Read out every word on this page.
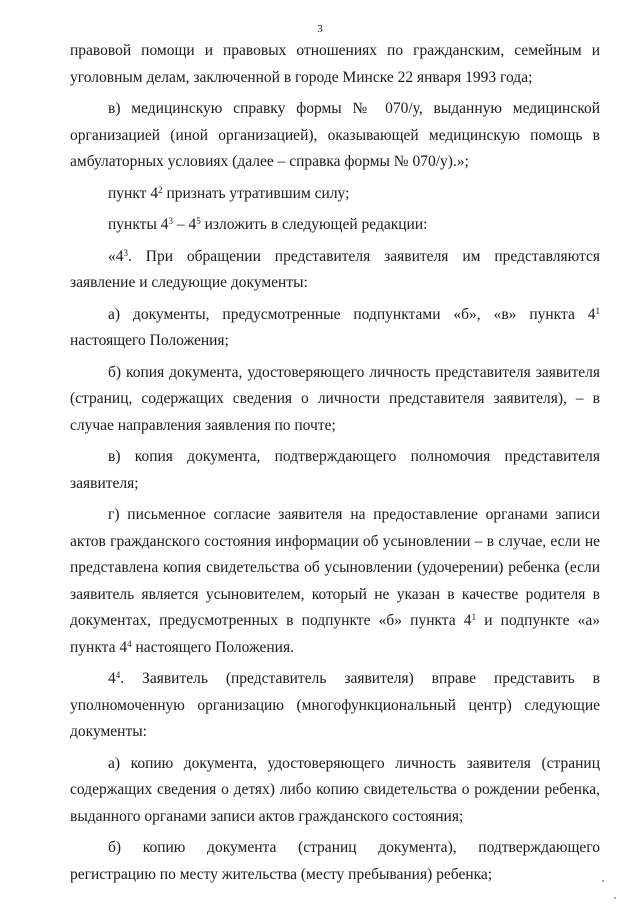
3

правовой помощи и правовых отношениях по гражданским, семейным и уголовным делам, заключенной в городе Минске 22 января 1993 года;

в) медицинскую справку формы № 070/у, выданную медицинской организацией (иной организацией), оказывающей медицинскую помощь в амбулаторных условиях (далее – справка формы № 070/у).»;

пункт $4^2$ признать утратившим силу;

пункты $4^3 - 4^5$ изложить в следующей редакции:

«$4^3$. При обращении представителя заявителя им представляются заявление и следующие документы:

а) документы, предусмотренные подпунктами «б», «в» пункта $4^1$ настоящего Положения;

б) копия документа, удостоверяющего личность представителя заявителя (страниц, содержащих сведения о личности представителя заявителя), – в случае направления заявления по почте;

в) копия документа, подтверждающего полномочия представителя заявителя;

г) письменное согласие заявителя на предоставление органами записи актов гражданского состояния информации об усыновлении – в случае, если не представлена копия свидетельства об усыновлении (удочерении) ребенка (если заявитель является усыновителем, который не указан в качестве родителя в документах, предусмотренных в подпункте «б» пункта $4^1$ и подпункте «а» пункта $4^4$ настоящего Положения.

$4^4$. Заявитель (представитель заявителя) вправе представить в уполномоченную организацию (многофункциональный центр) следующие документы:

а) копию документа, удостоверяющего личность заявителя (страниц содержащих сведения о детях) либо копию свидетельства о рождении ребенка, выданного органами записи актов гражданского состояния;

б) копию документа (страниц документа), подтверждающего регистрацию по месту жительства (месту пребывания) ребенка;
